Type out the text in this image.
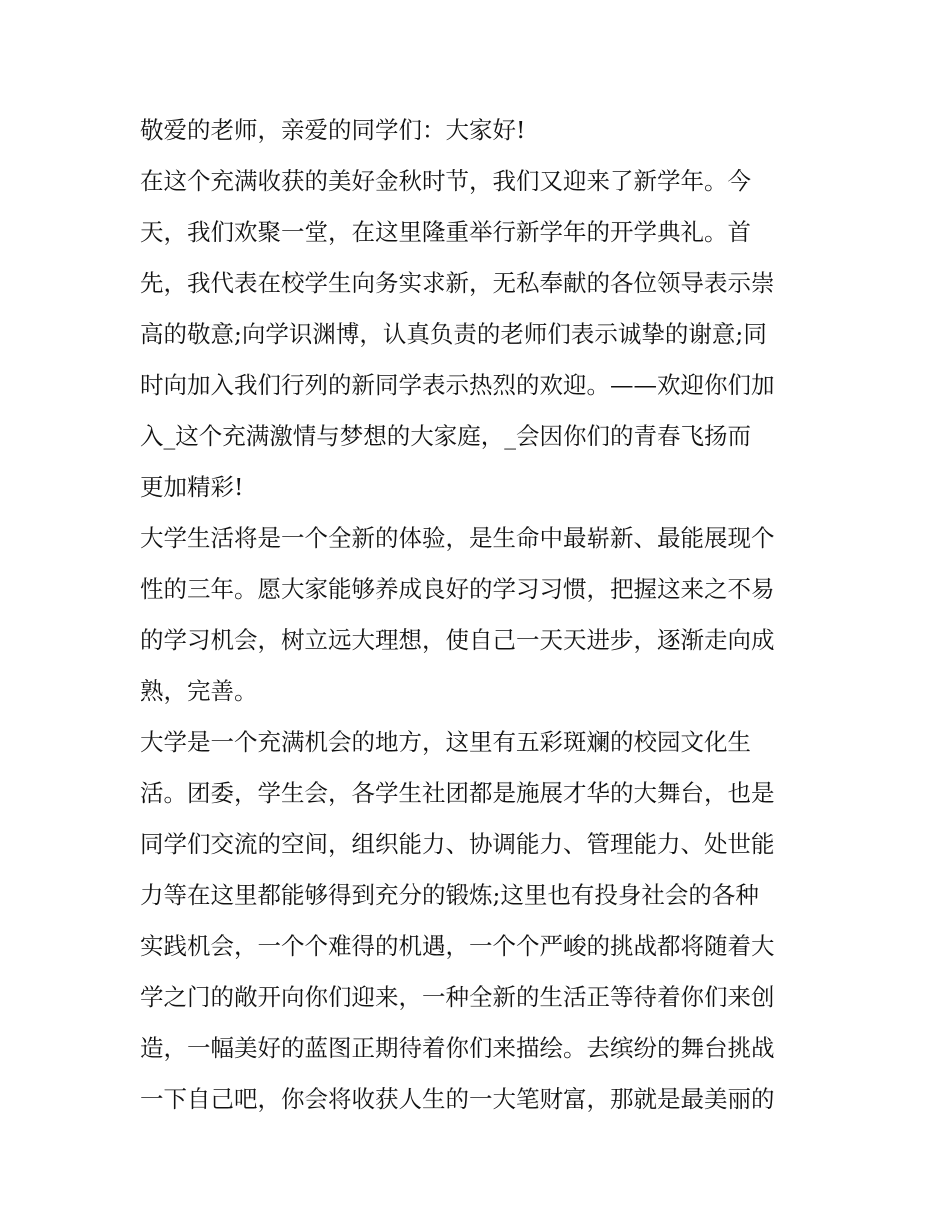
敬爱的老师，亲爱的同学们：大家好!
在这个充满收获的美好金秋时节，我们又迎来了新学年。今
天，我们欢聚一堂，在这里隆重举行新学年的开学典礼。首
先，我代表在校学生向务实求新，无私奉献的各位领导表示崇
高的敬意;向学识渊博，认真负责的老师们表示诚挚的谢意;同
时向加入我们行列的新同学表示热烈的欢迎。——欢迎你们加
入_这个充满激情与梦想的大家庭，_会因你们的青春飞扬而
更加精彩!
大学生活将是一个全新的体验，是生命中最崭新、最能展现个
性的三年。愿大家能够养成良好的学习习惯，把握这来之不易
的学习机会，树立远大理想，使自己一天天进步，逐渐走向成
熟，完善。
大学是一个充满机会的地方，这里有五彩斑斓的校园文化生
活。团委，学生会，各学生社团都是施展才华的大舞台，也是
同学们交流的空间，组织能力、协调能力、管理能力、处世能
力等在这里都能够得到充分的锻炼;这里也有投身社会的各种
实践机会，一个个难得的机遇，一个个严峻的挑战都将随着大
学之门的敞开向你们迎来，一种全新的生活正等待着你们来创
造，一幅美好的蓝图正期待着你们来描绘。去缤纷的舞台挑战
一下自己吧，你会将收获人生的一大笔财富，那就是最美丽的
